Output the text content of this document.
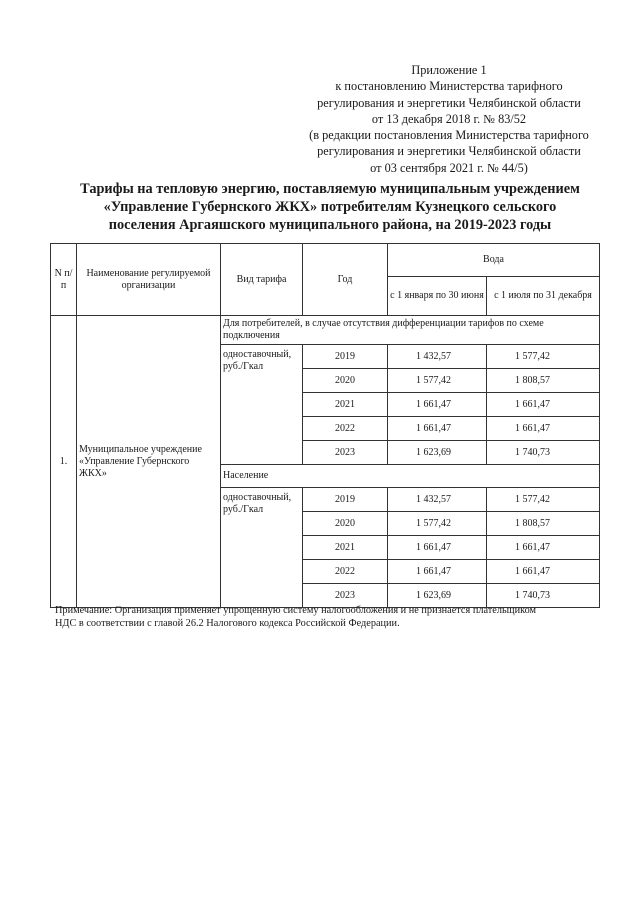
Приложение 1
к постановлению Министерства тарифного
регулирования и энергетики Челябинской области
от 13 декабря 2018 г. № 83/52
(в редакции постановления Министерства тарифного
регулирования и энергетики Челябинской области
от 03 сентября 2021 г. № 44/5)
Тарифы на тепловую энергию, поставляемую муниципальным учреждением
«Управление Губернского ЖКХ» потребителям Кузнецкого сельского
поселения Аргаяшского муниципального района, на 2019-2023 годы
N п/п	Наименование регулируемой организации	Вид тарифа	Год	Вода	
				с 1 января по 30 июня	с 1 июля по 31 декабря
1.	Муниципальное учреждение «Управление Губернского ЖКХ»	Для потребителей, в случае отсутствия дифференциации тарифов по схеме подключения			
		одноставочный, руб./Гкал	2019	1 432,57	1 577,42
			2020	1 577,42	1 808,57
			2021	1 661,47	1 661,47
			2022	1 661,47	1 661,47
			2023	1 623,69	1 740,73
		Население			
		одноставочный, руб./Гкал	2019	1 432,57	1 577,42
			2020	1 577,42	1 808,57
			2021	1 661,47	1 661,47
			2022	1 661,47	1 661,47
			2023	1 623,69	1 740,73
Примечание: Организация применяет упрощенную систему налогообложения и не признается плательщиком
НДС в соответствии с главой 26.2 Налогового кодекса Российской Федерации.
